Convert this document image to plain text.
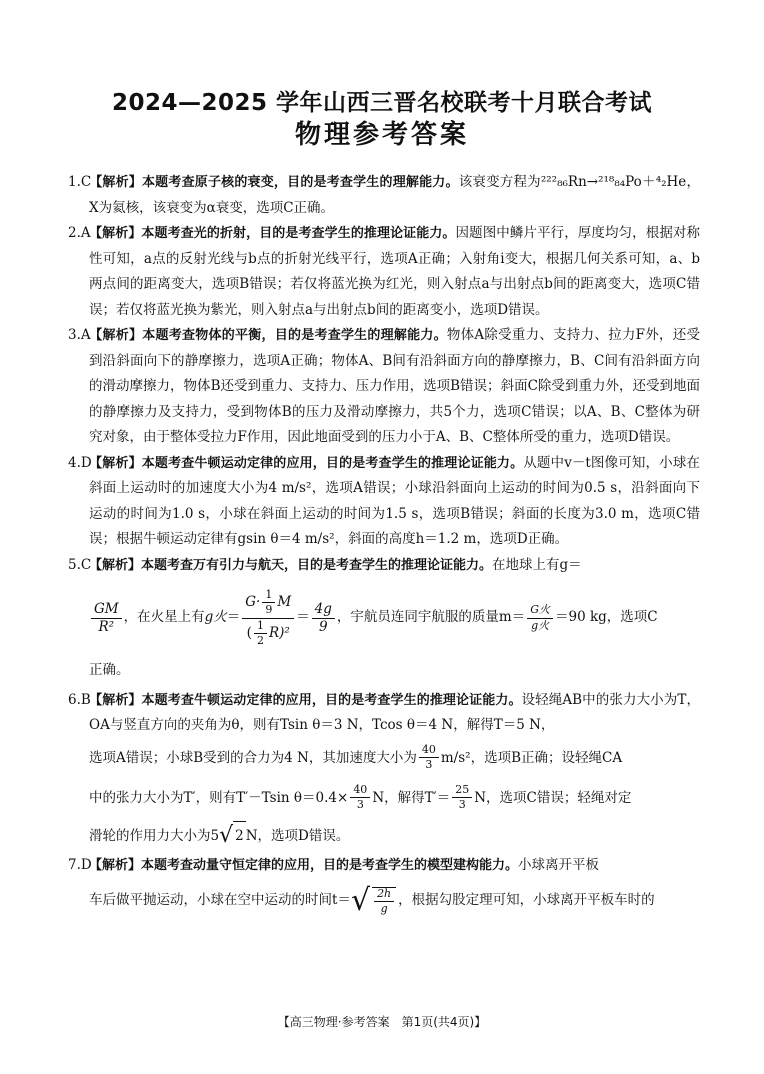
2024—2025 学年山西三晋名校联考十月联合考试
物理参考答案

1.C【解析】本题考查原子核的衰变，目的是考查学生的理解能力。该衰变方程为²²²₈₆Rn→²¹⁸₈₄Po＋⁴₂He，X为氦核，该衰变为α衰变，选项C正确。

2.A【解析】本题考查光的折射，目的是考查学生的推理论证能力。因题图中鳞片平行，厚度均匀，根据对称性可知，a点的反射光线与b点的折射光线平行，选项A正确；入射角i变大，根据几何关系可知，a、b两点间的距离变大，选项B错误；若仅将蓝光换为红光，则入射点a与出射点b间的距离变大，选项C错误；若仅将蓝光换为紫光，则入射点a与出射点b间的距离变小，选项D错误。

3.A【解析】本题考查物体的平衡，目的是考查学生的理解能力。物体A除受重力、支持力、拉力F外，还受到沿斜面向下的静摩擦力，选项A正确；物体A、B间有沿斜面方向的静摩擦力，B、C间有沿斜面方向的滑动摩擦力，物体B还受到重力、支持力、压力作用，选项B错误；斜面C除受到重力外，还受到地面的静摩擦力及支持力，受到物体B的压力及滑动摩擦力，共5个力，选项C错误；以A、B、C整体为研究对象，由于整体受拉力F作用，因此地面受到的压力小于A、B、C整体所受的重力，选项D错误。

4.D【解析】本题考查牛顿运动定律的应用，目的是考查学生的推理论证能力。从题中v－t图像可知，小球在斜面上运动时的加速度大小为4 m/s²，选项A错误；小球沿斜面向上运动的时间为0.5 s，沿斜面向下运动的时间为1.0 s，小球在斜面上运动的时间为1.5 s，选项B错误；斜面的长度为3.0 m，选项C错误；根据牛顿运动定律有gsin θ＝4 m/s²，斜面的高度h＝1.2 m，选项D正确。

5.C【解析】本题考查万有引力与航天，目的是考查学生的推理论证能力。在地球上有g＝

$\frac{GM}{\text{R²}}$ ，在火星上有 g火 ＝ $\frac{G\cdot \frac{1}{9} M}{( \frac{1}{2} R)^2} = \frac{4g}{9}$ ，宇航员连同宇航服的质量$m= \frac{\text{G火}}{\text{g火}} =90$ kg，选项C

正确。

6.B【解析】本题考查牛顿运动定律的应用，目的是考查学生的推理论证能力。设轻绳AB中的张力大小为T，OA与竖直方向的夹角为θ，则有Tsin θ＝3 N，Tcos θ＝4 N，解得T＝5 N，

选项A错误；小球B受到的合力为4 N，其加速度大小为 $\frac{40}{3} m/s^2$，选项B正确；设轻绳CA
中的张力大小为T′，则有T′－Tsin $\theta=0.4\times \frac{40}{3}$ N，解得$T'= \frac{25}{3}$ N，选项C错误；轻绳对定
滑轮的作用力大小为5 √ 2 N，选项D错误。

7.D【解析】本题考查动量守恒定律的应用，目的是考查学生的模型建构能力。小球离开平板

车后做平抛运动，小球在空中运动的时间t＝ √ $\frac{2h}{g}$ ，根据勾股定理可知，小球离开平板车时的
【高三物理·参考答案　第1页(共4页)】
